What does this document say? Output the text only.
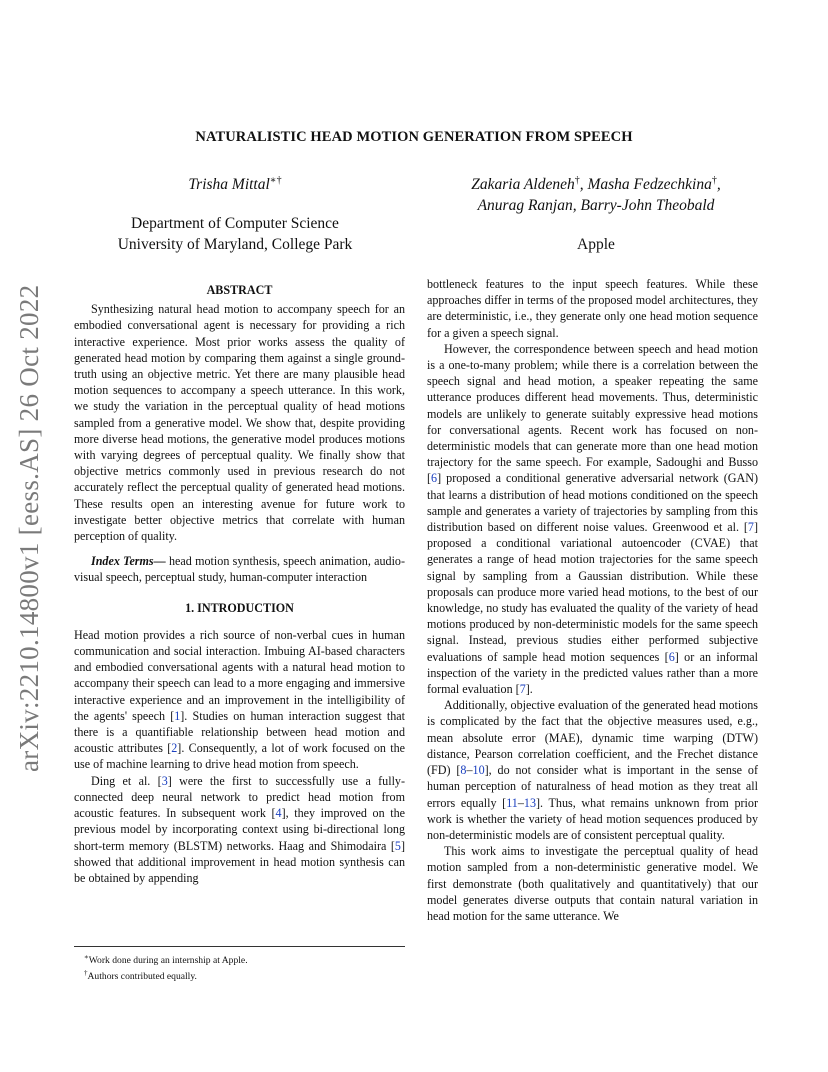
arXiv:2210.14800v1 [eess.AS] 26 Oct 2022
NATURALISTIC HEAD MOTION GENERATION FROM SPEECH
Trisha Mittal∗†
Department of Computer Science
University of Maryland, College Park
Zakaria Aldeneh†, Masha Fedzechkina†,
Anurag Ranjan, Barry-John Theobald
Apple
ABSTRACT

Synthesizing natural head motion to accompany speech for an embodied conversational agent is necessary for providing a rich interactive experience. Most prior works assess the quality of generated head motion by comparing them against a single ground-truth using an objective metric. Yet there are many plausible head motion sequences to accompany a speech utterance. In this work, we study the variation in the perceptual quality of head motions sampled from a generative model. We show that, despite providing more diverse head motions, the generative model produces motions with varying degrees of perceptual quality. We finally show that objective metrics commonly used in previous research do not accurately reflect the perceptual quality of generated head motions. These results open an interesting avenue for future work to investigate better objective metrics that correlate with human perception of quality.

Index Terms— head motion synthesis, speech animation, audio-visual speech, perceptual study, human-computer interaction

1. INTRODUCTION

Head motion provides a rich source of non-verbal cues in human communication and social interaction. Imbuing AI-based characters and embodied conversational agents with a natural head motion to accompany their speech can lead to a more engaging and immersive interactive experience and an improvement in the intelligibility of the agents' speech [1]. Studies on human interaction suggest that there is a quantifiable relationship between head motion and acoustic attributes [2]. Consequently, a lot of work focused on the use of machine learning to drive head motion from speech.

Ding et al. [3] were the first to successfully use a fully-connected deep neural network to predict head motion from acoustic features. In subsequent work [4], they improved on the previous model by incorporating context using bi-directional long short-term memory (BLSTM) networks. Haag and Shimodaira [5] showed that additional improvement in head motion synthesis can be obtained by appending

∗Work done during an internship at Apple.
†Authors contributed equally.

bottleneck features to the input speech features. While these approaches differ in terms of the proposed model architectures, they are deterministic, i.e., they generate only one head motion sequence for a given a speech signal.

However, the correspondence between speech and head motion is a one-to-many problem; while there is a correlation between the speech signal and head motion, a speaker repeating the same utterance produces different head movements. Thus, deterministic models are unlikely to generate suitably expressive head motions for conversational agents. Recent work has focused on non-deterministic models that can generate more than one head motion trajectory for the same speech. For example, Sadoughi and Busso [6] proposed a conditional generative adversarial network (GAN) that learns a distribution of head motions conditioned on the speech sample and generates a variety of trajectories by sampling from this distribution based on different noise values. Greenwood et al. [7] proposed a conditional variational autoencoder (CVAE) that generates a range of head motion trajectories for the same speech signal by sampling from a Gaussian distribution. While these proposals can produce more varied head motions, to the best of our knowledge, no study has evaluated the quality of the variety of head motions produced by non-deterministic models for the same speech signal. Instead, previous studies either performed subjective evaluations of sample head motion sequences [6] or an informal inspection of the variety in the predicted values rather than a more formal evaluation [7].

Additionally, objective evaluation of the generated head motions is complicated by the fact that the objective measures used, e.g., mean absolute error (MAE), dynamic time warping (DTW) distance, Pearson correlation coefficient, and the Frechet distance (FD) [8–10], do not consider what is important in the sense of human perception of naturalness of head motion as they treat all errors equally [11–13]. Thus, what remains unknown from prior work is whether the variety of head motion sequences produced by non-deterministic models are of consistent perceptual quality.

This work aims to investigate the perceptual quality of head motion sampled from a non-deterministic generative model. We first demonstrate (both qualitatively and quantitatively) that our model generates diverse outputs that contain natural variation in head motion for the same utterance. We
